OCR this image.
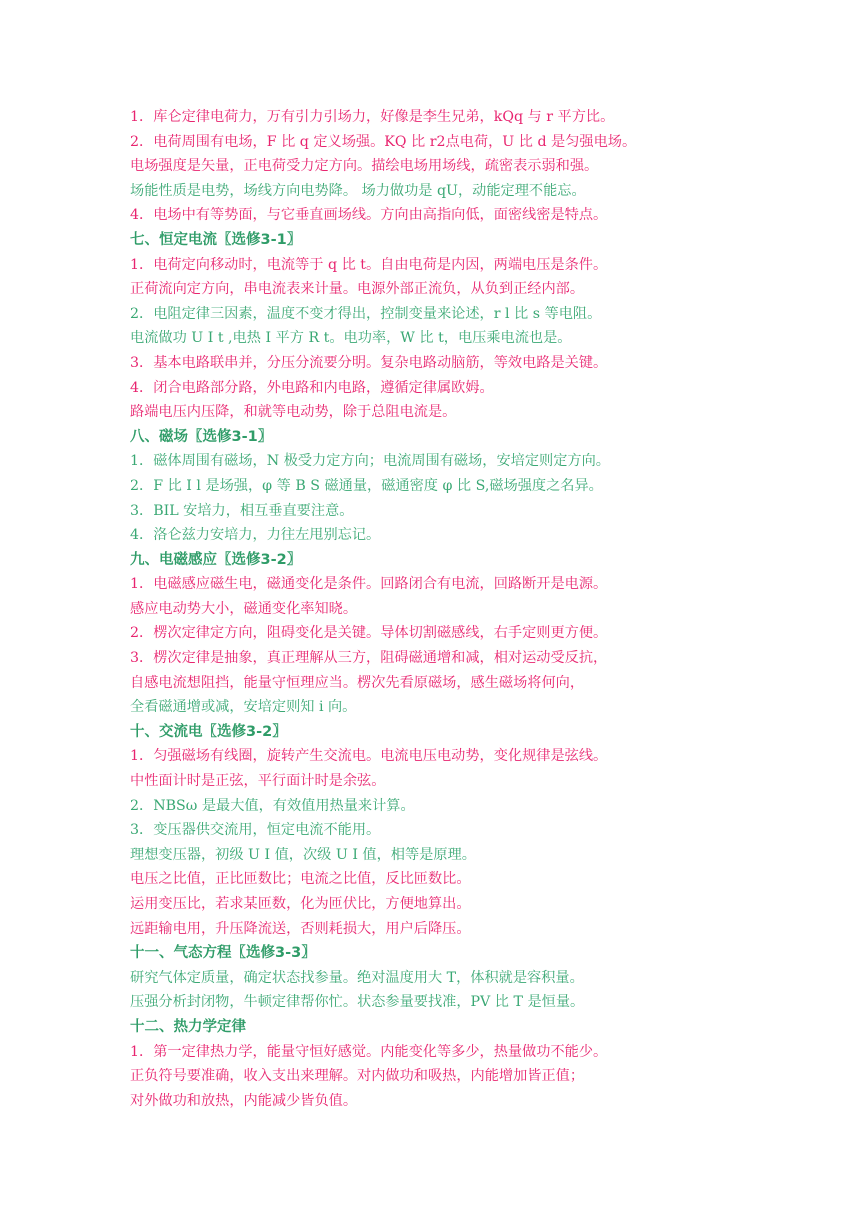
1．库仑定律电荷力，万有引力引场力，好像是李生兄弟，kQq 与 r 平方比。
2．电荷周围有电场，F 比 q 定义场强。KQ 比 r2点电荷，U 比 d 是匀强电场。
电场强度是矢量，正电荷受力定方向。描绘电场用场线，疏密表示弱和强。
场能性质是电势，场线方向电势降。 场力做功是 qU，动能定理不能忘。
4．电场中有等势面，与它垂直画场线。方向由高指向低，面密线密是特点。
七、恒定电流〖选修3-1〗
1．电荷定向移动时，电流等于 q 比 t。自由电荷是内因，两端电压是条件。
正荷流向定方向，串电流表来计量。电源外部正流负，从负到正经内部。
2．电阻定律三因素，温度不变才得出，控制变量来论述，r l 比 s 等电阻。
电流做功 U I t ,电热 I 平方 R t。电功率，W 比 t，电压乘电流也是。
3．基本电路联串并，分压分流要分明。复杂电路动脑筋，等效电路是关键。
4．闭合电路部分路，外电路和内电路，遵循定律属欧姆。
路端电压内压降，和就等电动势，除于总阻电流是。
八、磁场〖选修3-1〗
1．磁体周围有磁场，N 极受力定方向；电流周围有磁场，安培定则定方向。
2．F 比 I l 是场强，φ 等 B S 磁通量，磁通密度 φ 比 S,磁场强度之名异。
3．BIL 安培力，相互垂直要注意。
4．洛仑兹力安培力，力往左甩别忘记。
九、电磁感应〖选修3-2〗
1．电磁感应磁生电，磁通变化是条件。回路闭合有电流，回路断开是电源。
感应电动势大小，磁通变化率知晓。
2．楞次定律定方向，阻碍变化是关键。导体切割磁感线，右手定则更方便。
3．楞次定律是抽象，真正理解从三方，阻碍磁通增和减，相对运动受反抗，
自感电流想阻挡，能量守恒理应当。楞次先看原磁场，感生磁场将何向，
全看磁通增或减，安培定则知 i 向。
十、交流电〖选修3-2〗
1．匀强磁场有线圈，旋转产生交流电。电流电压电动势，变化规律是弦线。
中性面计时是正弦，平行面计时是余弦。
2．NBSω 是最大值，有效值用热量来计算。
3．变压器供交流用，恒定电流不能用。
理想变压器，初级 U I 值，次级 U I 值，相等是原理。
电压之比值，正比匝数比；电流之比值，反比匝数比。
运用变压比，若求某匝数，化为匝伏比，方便地算出。
远距输电用，升压降流送，否则耗损大，用户后降压。
十一、气态方程〖选修3-3〗
研究气体定质量，确定状态找参量。绝对温度用大 T，体积就是容积量。
压强分析封闭物，牛顿定律帮你忙。状态参量要找准，PV 比 T 是恒量。
十二、热力学定律
1．第一定律热力学，能量守恒好感觉。内能变化等多少，热量做功不能少。
正负符号要准确，收入支出来理解。对内做功和吸热，内能增加皆正值；
对外做功和放热，内能减少皆负值。
